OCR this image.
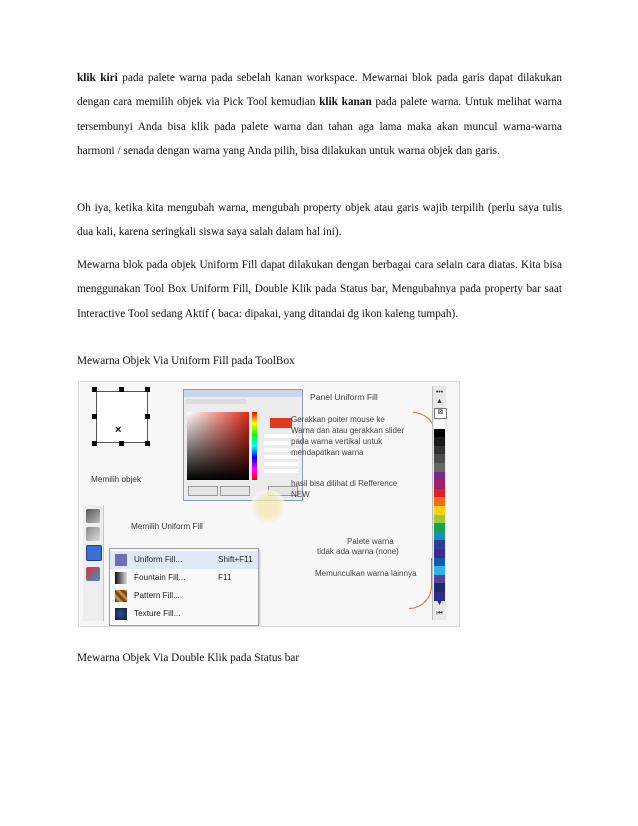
klik kiri pada palete warna pada sebelah kanan workspace. Mewarnai blok pada garis dapat dilakukan dengan cara memilih objek via Pick Tool kemudian klik kanan pada palete warna. Untuk melihat warna tersembunyi Anda bisa klik pada palete warna dan tahan aga lama maka akan muncul warna-warna harmoni / senada dengan warna yang Anda pilih, bisa dilakukan untuk warna objek dan garis.

Oh iya, ketika kita mengubah warna, mengubah property objek atau garis wajib terpilih (perlu saya tulis dua kali, karena seringkali siswa saya salah dalam hal ini).

Mewarna blok pada objek Uniform Fill dapat dilakukan dengan berbagai cara selain cara diatas. Kita bisa menggunakan Tool Box Uniform Fill, Double Klik pada Status bar, Mengubahnya pada property bar saat Interactive Tool sedang Aktif ( baca: dipakai, yang ditandai dg ikon kaleng tumpah).

Mewarna Objek Via Uniform Fill pada ToolBox

×
Memilih objek
Memilih Uniform Fill
Uniform Fill...	Shift+F11
Fountain Fill...	F11
Pattern Fill...
Texture Fill...
Panel Uniform Fill
Gerakkan poiter mouse ke Warna dan atau gerakkan slider pada warna vertikal untuk mendapatkan warna
hasil bisa dilihat di Refference NEW
Palete warna
tidak ada warna (none)
Memunculkan warna lainnya
•••
▲
⊠
▼
⏮

Mewarna Objek Via Double Klik pada Status bar
